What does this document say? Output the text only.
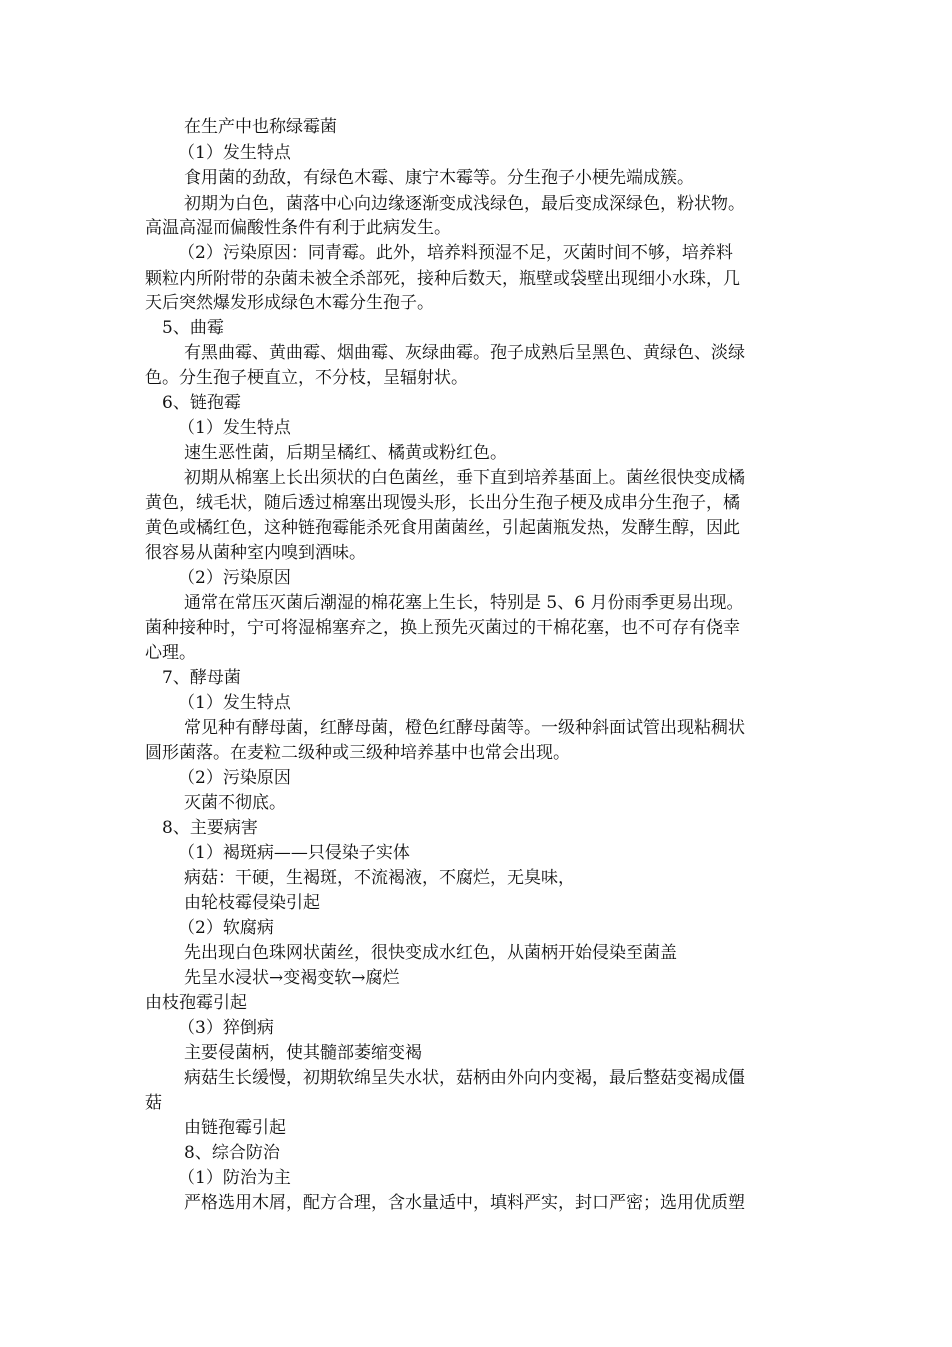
在生产中也称绿霉菌
（1）发生特点
食用菌的劲敌，有绿色木霉、康宁木霉等。分生孢子小梗先端成簇。
初期为白色，菌落中心向边缘逐渐变成浅绿色，最后变成深绿色，粉状物。
高温高湿而偏酸性条件有利于此病发生。
（2）污染原因：同青霉。此外，培养料预湿不足，灭菌时间不够，培养料
颗粒内所附带的杂菌未被全杀部死，接种后数天，瓶壁或袋壁出现细小水珠，几
天后突然爆发形成绿色木霉分生孢子。
5、曲霉
有黑曲霉、黄曲霉、烟曲霉、灰绿曲霉。孢子成熟后呈黑色、黄绿色、淡绿
色。分生孢子梗直立，不分枝，呈辐射状。
6、链孢霉
（1）发生特点
速生恶性菌，后期呈橘红、橘黄或粉红色。
初期从棉塞上长出须状的白色菌丝，垂下直到培养基面上。菌丝很快变成橘
黄色，绒毛状，随后透过棉塞出现馒头形，长出分生孢子梗及成串分生孢子，橘
黄色或橘红色，这种链孢霉能杀死食用菌菌丝，引起菌瓶发热，发酵生醇，因此
很容易从菌种室内嗅到酒味。
（2）污染原因
通常在常压灭菌后潮湿的棉花塞上生长，特别是 5、6 月份雨季更易出现。
菌种接种时，宁可将湿棉塞弃之，换上预先灭菌过的干棉花塞，也不可存有侥幸
心理。
7、酵母菌
（1）发生特点
常见种有酵母菌，红酵母菌，橙色红酵母菌等。一级种斜面试管出现粘稠状
圆形菌落。在麦粒二级种或三级种培养基中也常会出现。
（2）污染原因
灭菌不彻底。
8、主要病害
（1）褐斑病——只侵染子实体
病菇：干硬，生褐斑，不流褐液，不腐烂，无臭味，
由轮枝霉侵染引起
（2）软腐病
先出现白色珠网状菌丝，很快变成水红色，从菌柄开始侵染至菌盖
先呈水浸状→变褐变软→腐烂
由枝孢霉引起
（3）猝倒病
主要侵菌柄，使其髓部萎缩变褐
病菇生长缓慢，初期软绵呈失水状，菇柄由外向内变褐，最后整菇变褐成僵
菇
由链孢霉引起
8、综合防治
（1）防治为主
严格选用木屑，配方合理，含水量适中，填料严实，封口严密；选用优质塑
